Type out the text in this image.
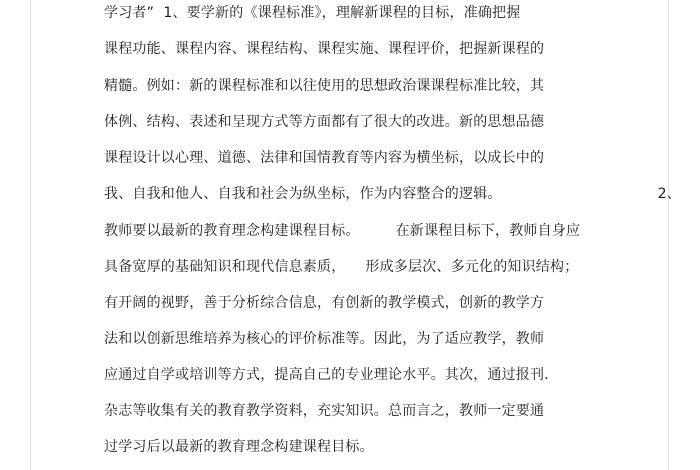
学习者”  1、要学新的《课程标准》，理解新课程的目标，准确把握
课程功能、课程内容、课程结构、课程实施、课程评价，把握新课程的
精髓。例如：新的课程标准和以往使用的思想政治课课程标准比较，其
体例、结构、表述和呈现方式等方面都有了很大的改进。新的思想品德
课程设计以心理、道德、法律和国情教育等内容为横坐标，以成长中的
我、自我和他人、自我和社会为纵坐标，作为内容整合的逻辑。	2、
教师要以最新的教育理念构建课程目标。	在新课程目标下，教师自身应
具备宽厚的基础知识和现代信息素质， 形成多层次、多元化的知识结构；
有开阔的视野，善于分析综合信息，有创新的教学模式，创新的教学方
法和以创新思维培养为核心的评价标准等。因此，为了适应教学，教师
应通过自学或培训等方式，提高自己的专业理论水平。其次，通过报刊.
杂志等收集有关的教育教学资料，充实知识。总而言之，教师一定要通
过学习后以最新的教育理念构建课程目标。
